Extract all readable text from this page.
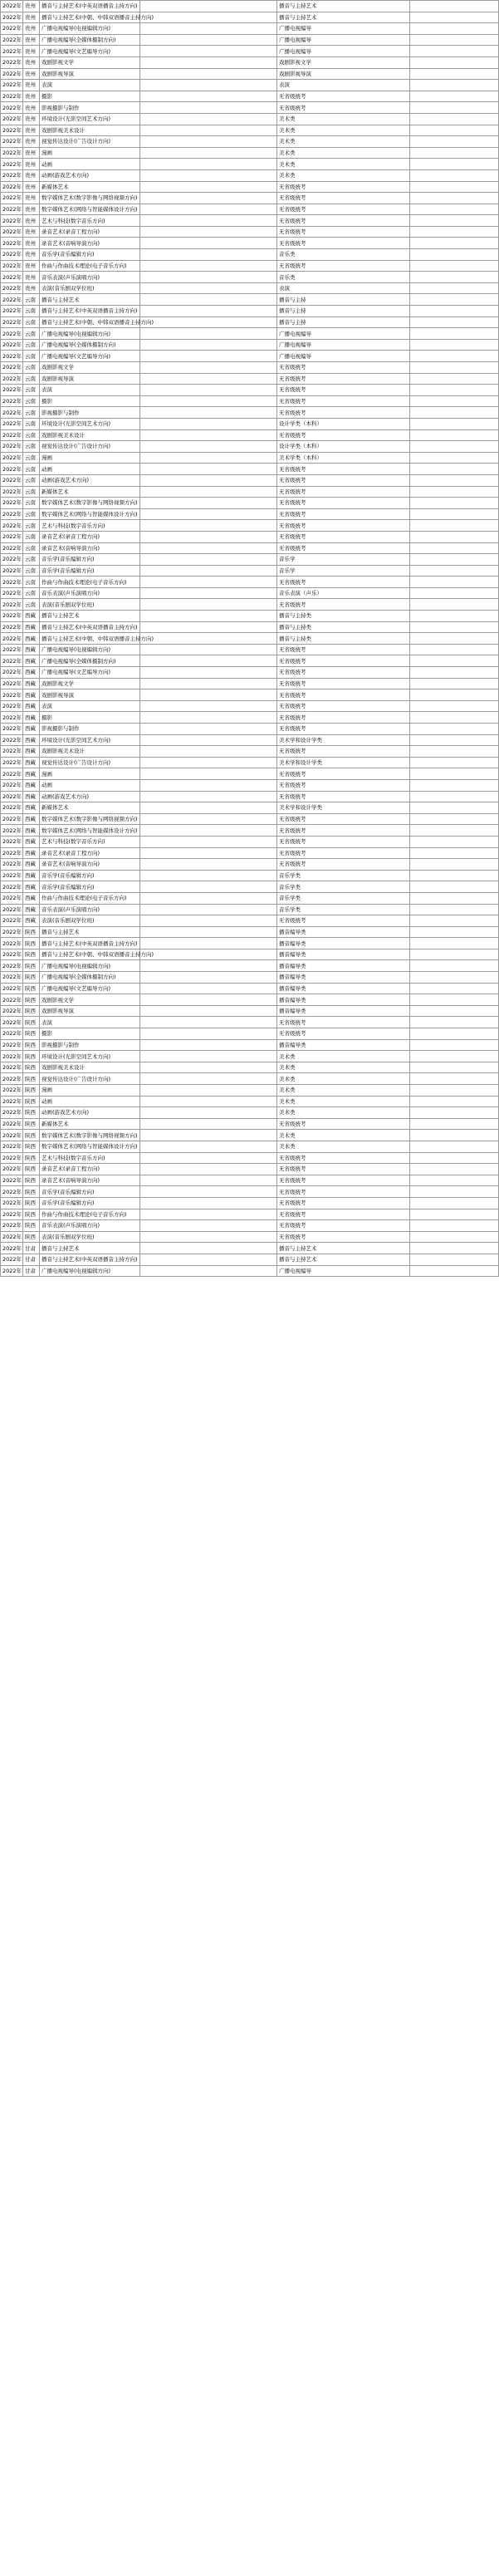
2022年	贵州	播音与主持艺术(中英双语播音主持方向)		播音与主持艺术	
2022年	贵州	播音与主持艺术(中朝、中韩双语播音主持方向)		播音与主持艺术	
2022年	贵州	广播电视编导(电视编辑方向)		广播电视编导	
2022年	贵州	广播电视编导(全媒体摄制方向)		广播电视编导	
2022年	贵州	广播电视编导(文艺编导方向)		广播电视编导	
2022年	贵州	戏剧影视文学		戏剧影视文学	
2022年	贵州	戏剧影视导演		戏剧影视导演	
2022年	贵州	表演		表演	
2022年	贵州	摄影		无省级统考	
2022年	贵州	影视摄影与制作		无省级统考	
2022年	贵州	环境设计(光影空间艺术方向)		美术类	
2022年	贵州	戏剧影视美术设计		美术类	
2022年	贵州	视觉传达设计(广告设计方向)		美术类	
2022年	贵州	漫画		美术类	
2022年	贵州	动画		美术类	
2022年	贵州	动画(游戏艺术方向)		美术类	
2022年	贵州	新媒体艺术		无省级统考	
2022年	贵州	数字媒体艺术(数字影像与网络视频方向)		无省级统考	
2022年	贵州	数字媒体艺术(网络与智能媒体设计方向)		无省级统考	
2022年	贵州	艺术与科技(数字音乐方向)		无省级统考	
2022年	贵州	录音艺术(录音工程方向)		无省级统考	
2022年	贵州	录音艺术(音响导演方向)		无省级统考	
2022年	贵州	音乐学(音乐编辑方向)		音乐类	
2022年	贵州	作曲与作曲技术理论(电子音乐方向)		无省级统考	
2022年	贵州	音乐表演(声乐演唱方向)		音乐类	
2022年	贵州	表演(音乐剧双学位班)		表演	
2022年	云南	播音与主持艺术		播音与主持	
2022年	云南	播音与主持艺术(中英双语播音主持方向)		播音与主持	
2022年	云南	播音与主持艺术(中朝、中韩双语播音主持方向)		播音与主持	
2022年	云南	广播电视编导(电视编辑方向)		广播电视编导	
2022年	云南	广播电视编导(全媒体摄制方向)		广播电视编导	
2022年	云南	广播电视编导(文艺编导方向)		广播电视编导	
2022年	云南	戏剧影视文学		无省级统考	
2022年	云南	戏剧影视导演		无省级统考	
2022年	云南	表演		无省级统考	
2022年	云南	摄影		无省级统考	
2022年	云南	影视摄影与制作		无省级统考	
2022年	云南	环境设计(光影空间艺术方向)		设计学类（本科）	
2022年	云南	戏剧影视美术设计		无省级统考	
2022年	云南	视觉传达设计(广告设计方向)		设计学类（本科）	
2022年	云南	漫画		美术学类（本科）	
2022年	云南	动画		无省级统考	
2022年	云南	动画(游戏艺术方向)		无省级统考	
2022年	云南	新媒体艺术		无省级统考	
2022年	云南	数字媒体艺术(数字影像与网络视频方向)		无省级统考	
2022年	云南	数字媒体艺术(网络与智能媒体设计方向)		无省级统考	
2022年	云南	艺术与科技(数字音乐方向)		无省级统考	
2022年	云南	录音艺术(录音工程方向)		无省级统考	
2022年	云南	录音艺术(音响导演方向)		无省级统考	
2022年	云南	音乐学(音乐编辑方向)		音乐学	
2022年	云南	音乐学(音乐编辑方向)		音乐学	
2022年	云南	作曲与作曲技术理论(电子音乐方向)		无省级统考	
2022年	云南	音乐表演(声乐演唱方向)		音乐表演（声乐）	
2022年	云南	表演(音乐剧双学位班)		无省级统考	
2022年	西藏	播音与主持艺术		播音与主持类	
2022年	西藏	播音与主持艺术(中英双语播音主持方向)		播音与主持类	
2022年	西藏	播音与主持艺术(中朝、中韩双语播音主持方向)		播音与主持类	
2022年	西藏	广播电视编导(电视编辑方向)		无省级统考	
2022年	西藏	广播电视编导(全媒体摄制方向)		无省级统考	
2022年	西藏	广播电视编导(文艺编导方向)		无省级统考	
2022年	西藏	戏剧影视文学		无省级统考	
2022年	西藏	戏剧影视导演		无省级统考	
2022年	西藏	表演		无省级统考	
2022年	西藏	摄影		无省级统考	
2022年	西藏	影视摄影与制作		无省级统考	
2022年	西藏	环境设计(光影空间艺术方向)		美术学和设计学类	
2022年	西藏	戏剧影视美术设计		无省级统考	
2022年	西藏	视觉传达设计(广告设计方向)		美术学和设计学类	
2022年	西藏	漫画		无省级统考	
2022年	西藏	动画		无省级统考	
2022年	西藏	动画(游戏艺术方向)		无省级统考	
2022年	西藏	新媒体艺术		美术学和设计学类	
2022年	西藏	数字媒体艺术(数字影像与网络视频方向)		无省级统考	
2022年	西藏	数字媒体艺术(网络与智能媒体设计方向)		无省级统考	
2022年	西藏	艺术与科技(数字音乐方向)		无省级统考	
2022年	西藏	录音艺术(录音工程方向)		无省级统考	
2022年	西藏	录音艺术(音响导演方向)		无省级统考	
2022年	西藏	音乐学(音乐编辑方向)		音乐学类	
2022年	西藏	音乐学(音乐编辑方向)		音乐学类	
2022年	西藏	作曲与作曲技术理论(电子音乐方向)		音乐学类	
2022年	西藏	音乐表演(声乐演唱方向)		音乐学类	
2022年	西藏	表演(音乐剧双学位班)		无省级统考	
2022年	陕西	播音与主持艺术		播音编导类	
2022年	陕西	播音与主持艺术(中英双语播音主持方向)		播音编导类	
2022年	陕西	播音与主持艺术(中朝、中韩双语播音主持方向)		播音编导类	
2022年	陕西	广播电视编导(电视编辑方向)		播音编导类	
2022年	陕西	广播电视编导(全媒体摄制方向)		播音编导类	
2022年	陕西	广播电视编导(文艺编导方向)		播音编导类	
2022年	陕西	戏剧影视文学		播音编导类	
2022年	陕西	戏剧影视导演		播音编导类	
2022年	陕西	表演		无省级统考	
2022年	陕西	摄影		无省级统考	
2022年	陕西	影视摄影与制作		播音编导类	
2022年	陕西	环境设计(光影空间艺术方向)		美术类	
2022年	陕西	戏剧影视美术设计		美术类	
2022年	陕西	视觉传达设计(广告设计方向)		美术类	
2022年	陕西	漫画		美术类	
2022年	陕西	动画		美术类	
2022年	陕西	动画(游戏艺术方向)		美术类	
2022年	陕西	新媒体艺术		无省级统考	
2022年	陕西	数字媒体艺术(数字影像与网络视频方向)		美术类	
2022年	陕西	数字媒体艺术(网络与智能媒体设计方向)		美术类	
2022年	陕西	艺术与科技(数字音乐方向)		无省级统考	
2022年	陕西	录音艺术(录音工程方向)		无省级统考	
2022年	陕西	录音艺术(音响导演方向)		无省级统考	
2022年	陕西	音乐学(音乐编辑方向)		无省级统考	
2022年	陕西	音乐学(音乐编辑方向)		无省级统考	
2022年	陕西	作曲与作曲技术理论(电子音乐方向)		无省级统考	
2022年	陕西	音乐表演(声乐演唱方向)		无省级统考	
2022年	陕西	表演(音乐剧双学位班)		无省级统考	
2022年	甘肃	播音与主持艺术		播音与主持艺术	
2022年	甘肃	播音与主持艺术(中英双语播音主持方向)		播音与主持艺术	
2022年	甘肃	广播电视编导(电视编辑方向)		广播电视编导	
